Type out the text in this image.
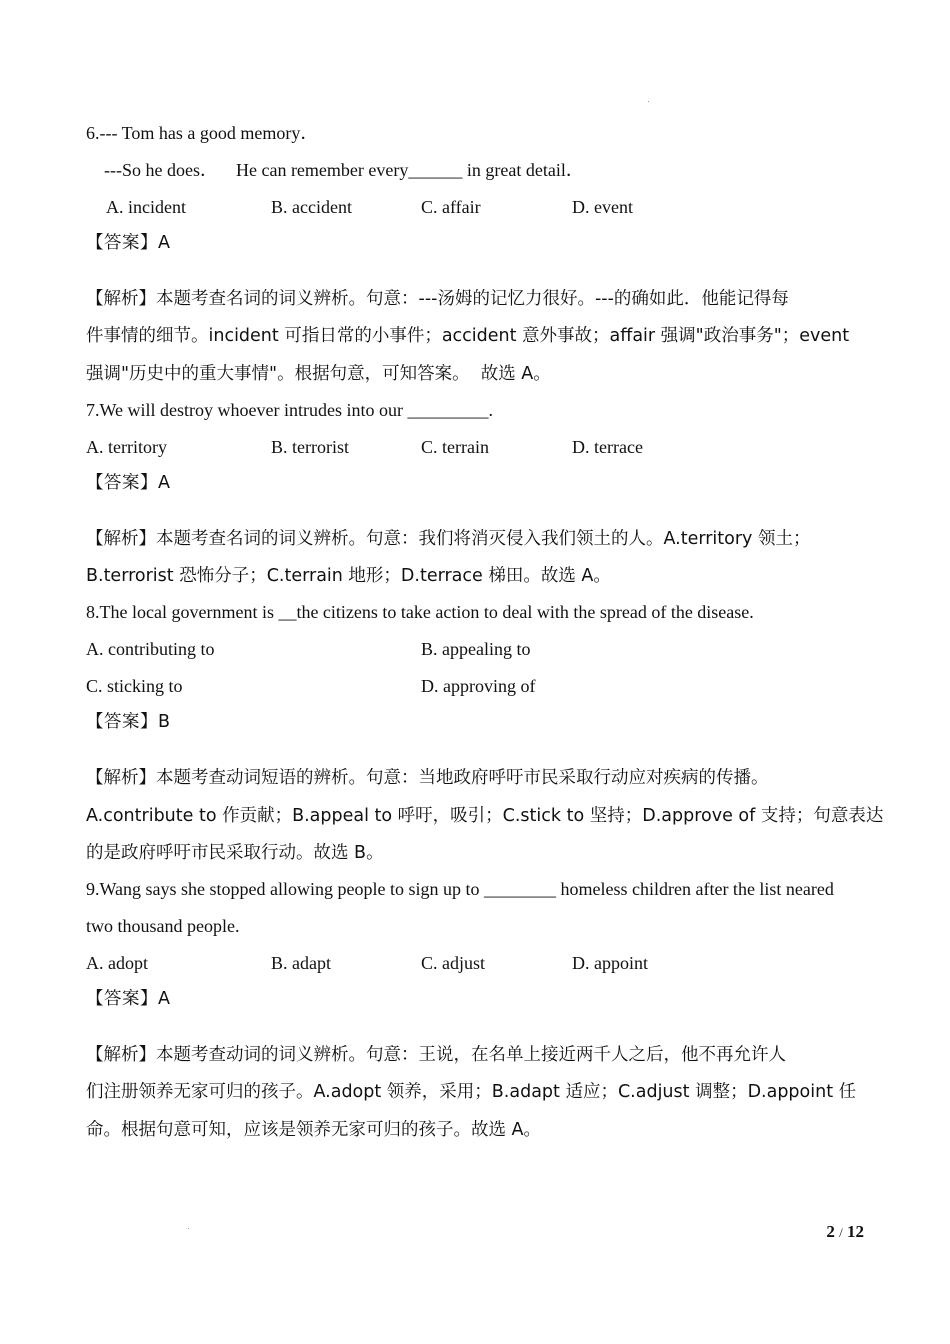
6.--- Tom has a good memory．
---So he does．    He can remember every______ in great detail．
A. incident	B. accident	C. affair	D. event
【答案】A
【解析】本题考查名词的词义辨析。句意：---汤姆的记忆力很好。---的确如此．他能记得每
件事情的细节。incident 可指日常的小事件；accident 意外事故；affair 强调"政治事务"；event
强调"历史中的重大事情"。根据句意，可知答案。  故选 A。
7.We will destroy whoever intrudes into our _________.
A. territory	B. terrorist	C. terrain	D. terrace
【答案】A
【解析】本题考查名词的词义辨析。句意：我们将消灭侵入我们领土的人。A.territory 领土；
B.terrorist 恐怖分子；C.terrain 地形；D.terrace 梯田。故选 A。
8.The local government is __the citizens to take action to deal with the spread of the disease.
A. contributing to	B. appealing to
C. sticking to	D. approving of
【答案】B
【解析】本题考查动词短语的辨析。句意：当地政府呼吁市民采取行动应对疾病的传播。
A.contribute to 作贡献；B.appeal to 呼吁，吸引；C.stick to 坚持；D.approve of 支持；句意表达
的是政府呼吁市民采取行动。故选 B。
9.Wang says she stopped allowing people to sign up to ________ homeless children after the list neared
two thousand people.
A. adopt	B. adapt	C. adjust	D. appoint
【答案】A
【解析】本题考查动词的词义辨析。句意：王说，在名单上接近两千人之后，他不再允许人
们注册领养无家可归的孩子。A.adopt 领养，采用；B.adapt 适应；C.adjust 调整；D.appoint 任
命。根据句意可知，应该是领养无家可归的孩子。故选 A。
2 / 12
